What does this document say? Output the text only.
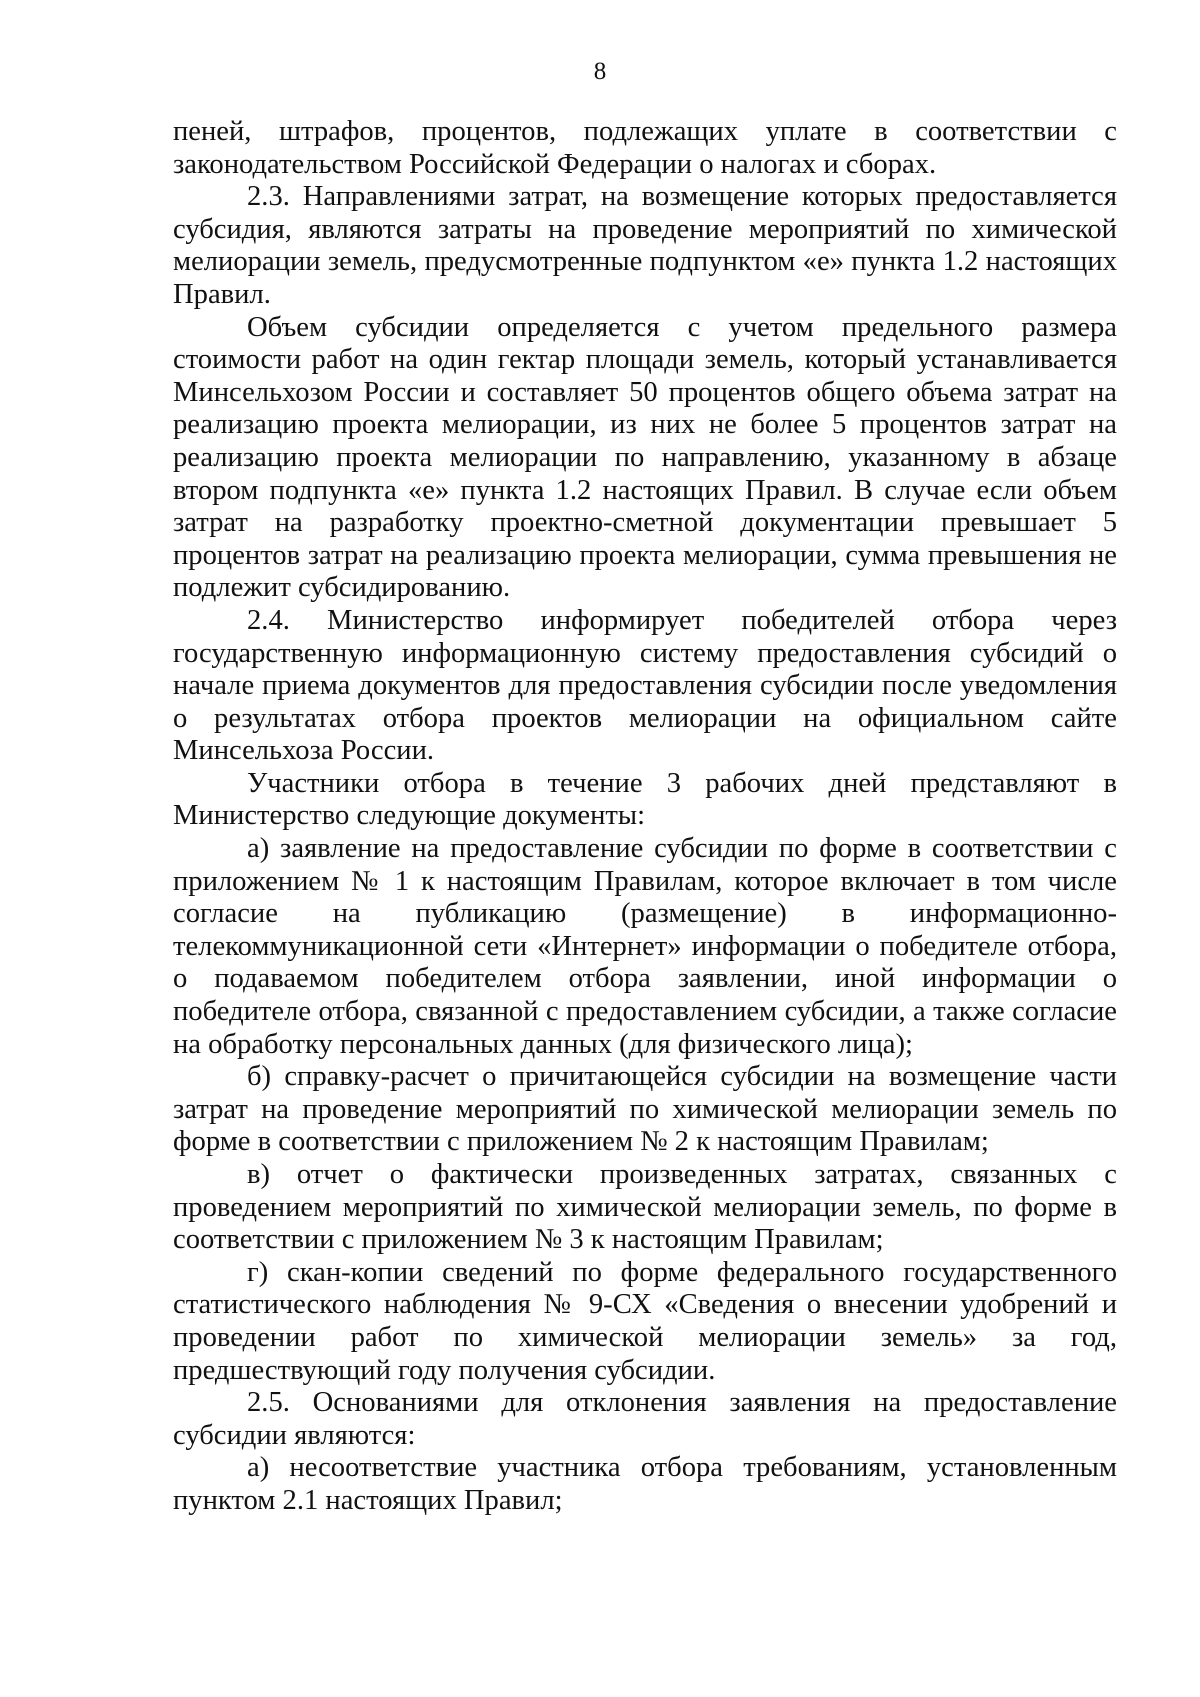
8

пеней, штрафов, процентов, подлежащих уплате в соответствии с законодательством Российской Федерации о налогах и сборах.

2.3. Направлениями затрат, на возмещение которых предоставляется субсидия, являются затраты на проведение мероприятий по химической мелиорации земель, предусмотренные подпунктом «е» пункта 1.2 настоящих Правил.

Объем субсидии определяется с учетом предельного размера стоимости работ на один гектар площади земель, который устанавливается Минсельхозом России и составляет 50 процентов общего объема затрат на реализацию проекта мелиорации, из них не более 5 процентов затрат на реализацию проекта мелиорации по направлению, указанному в абзаце втором подпункта «е» пункта 1.2 настоящих Правил. В случае если объем затрат на разработку проектно-сметной документации превышает 5 процентов затрат на реализацию проекта мелиорации, сумма превышения не подлежит субсидированию.

2.4. Министерство информирует победителей отбора через государственную информационную систему предоставления субсидий о начале приема документов для предоставления субсидии после уведомления о результатах отбора проектов мелиорации на официальном сайте Минсельхоза России.

Участники отбора в течение 3 рабочих дней представляют в Министерство следующие документы:

а) заявление на предоставление субсидии по форме в соответствии с приложением № 1 к настоящим Правилам, которое включает в том числе согласие на публикацию (размещение) в информационно-телекоммуникационной сети «Интернет» информации о победителе отбора, о подаваемом победителем отбора заявлении, иной информации о победителе отбора, связанной с предоставлением субсидии, а также согласие на обработку персональных данных (для физического лица);

б) справку-расчет о причитающейся субсидии на возмещение части затрат на проведение мероприятий по химической мелиорации земель по форме в соответствии с приложением № 2 к настоящим Правилам;

в) отчет о фактически произведенных затратах, связанных с проведением мероприятий по химической мелиорации земель, по форме в соответствии с приложением № 3 к настоящим Правилам;

г) скан-копии сведений по форме федерального государственного статистического наблюдения № 9-СХ «Сведения о внесении удобрений и проведении работ по химической мелиорации земель» за год, предшествующий году получения субсидии.

2.5. Основаниями для отклонения заявления на предоставление субсидии являются:

а) несоответствие участника отбора требованиям, установленным пунктом 2.1 настоящих Правил;
